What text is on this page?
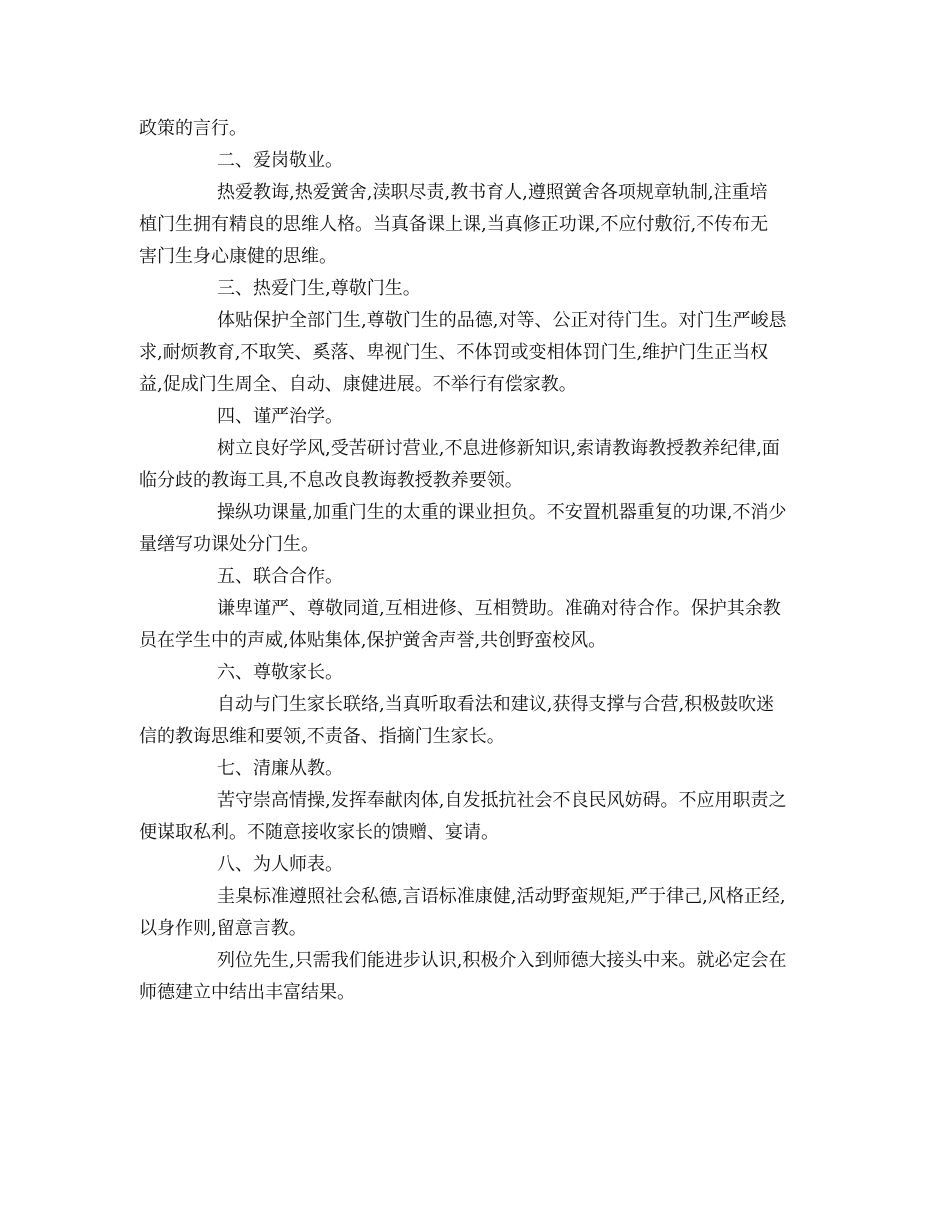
政策的言行。
二、爱岗敬业。
热爱教诲,热爱黉舍,渎职尽责,教书育人,遵照黉舍各项规章轨制,注重培
植门生拥有精良的思维人格。当真备课上课,当真修正功课,不应付敷衍,不传布无
害门生身心康健的思维。
三、热爱门生,尊敬门生。
体贴保护全部门生,尊敬门生的品德,对等、公正对待门生。对门生严峻恳
求,耐烦教育,不取笑、奚落、卑视门生、不体罚或变相体罚门生,维护门生正当权
益,促成门生周全、自动、康健进展。不举行有偿家教。
四、谨严治学。
树立良好学风,受苦研讨营业,不息进修新知识,索请教诲教授教养纪律,面
临分歧的教诲工具,不息改良教诲教授教养要领。
操纵功课量,加重门生的太重的课业担负。不安置机器重复的功课,不消少
量缮写功课处分门生。
五、联合合作。
谦卑谨严、尊敬同道,互相进修、互相赞助。准确对待合作。保护其余教
员在学生中的声威,体贴集体,保护黉舍声誉,共创野蛮校风。
六、尊敬家长。
自动与门生家长联络,当真听取看法和建议,获得支撑与合营,积极鼓吹迷
信的教诲思维和要领,不责备、指摘门生家长。
七、清廉从教。
苦守崇高情操,发挥奉献肉体,自发抵抗社会不良民风妨碍。不应用职责之
便谋取私利。不随意接收家长的馈赠、宴请。
八、为人师表。
圭臬标准遵照社会私德,言语标准康健,活动野蛮规矩,严于律己,风格正经,
以身作则,留意言教。
列位先生,只需我们能进步认识,积极介入到师德大接头中来。就必定会在
师德建立中结出丰富结果。
